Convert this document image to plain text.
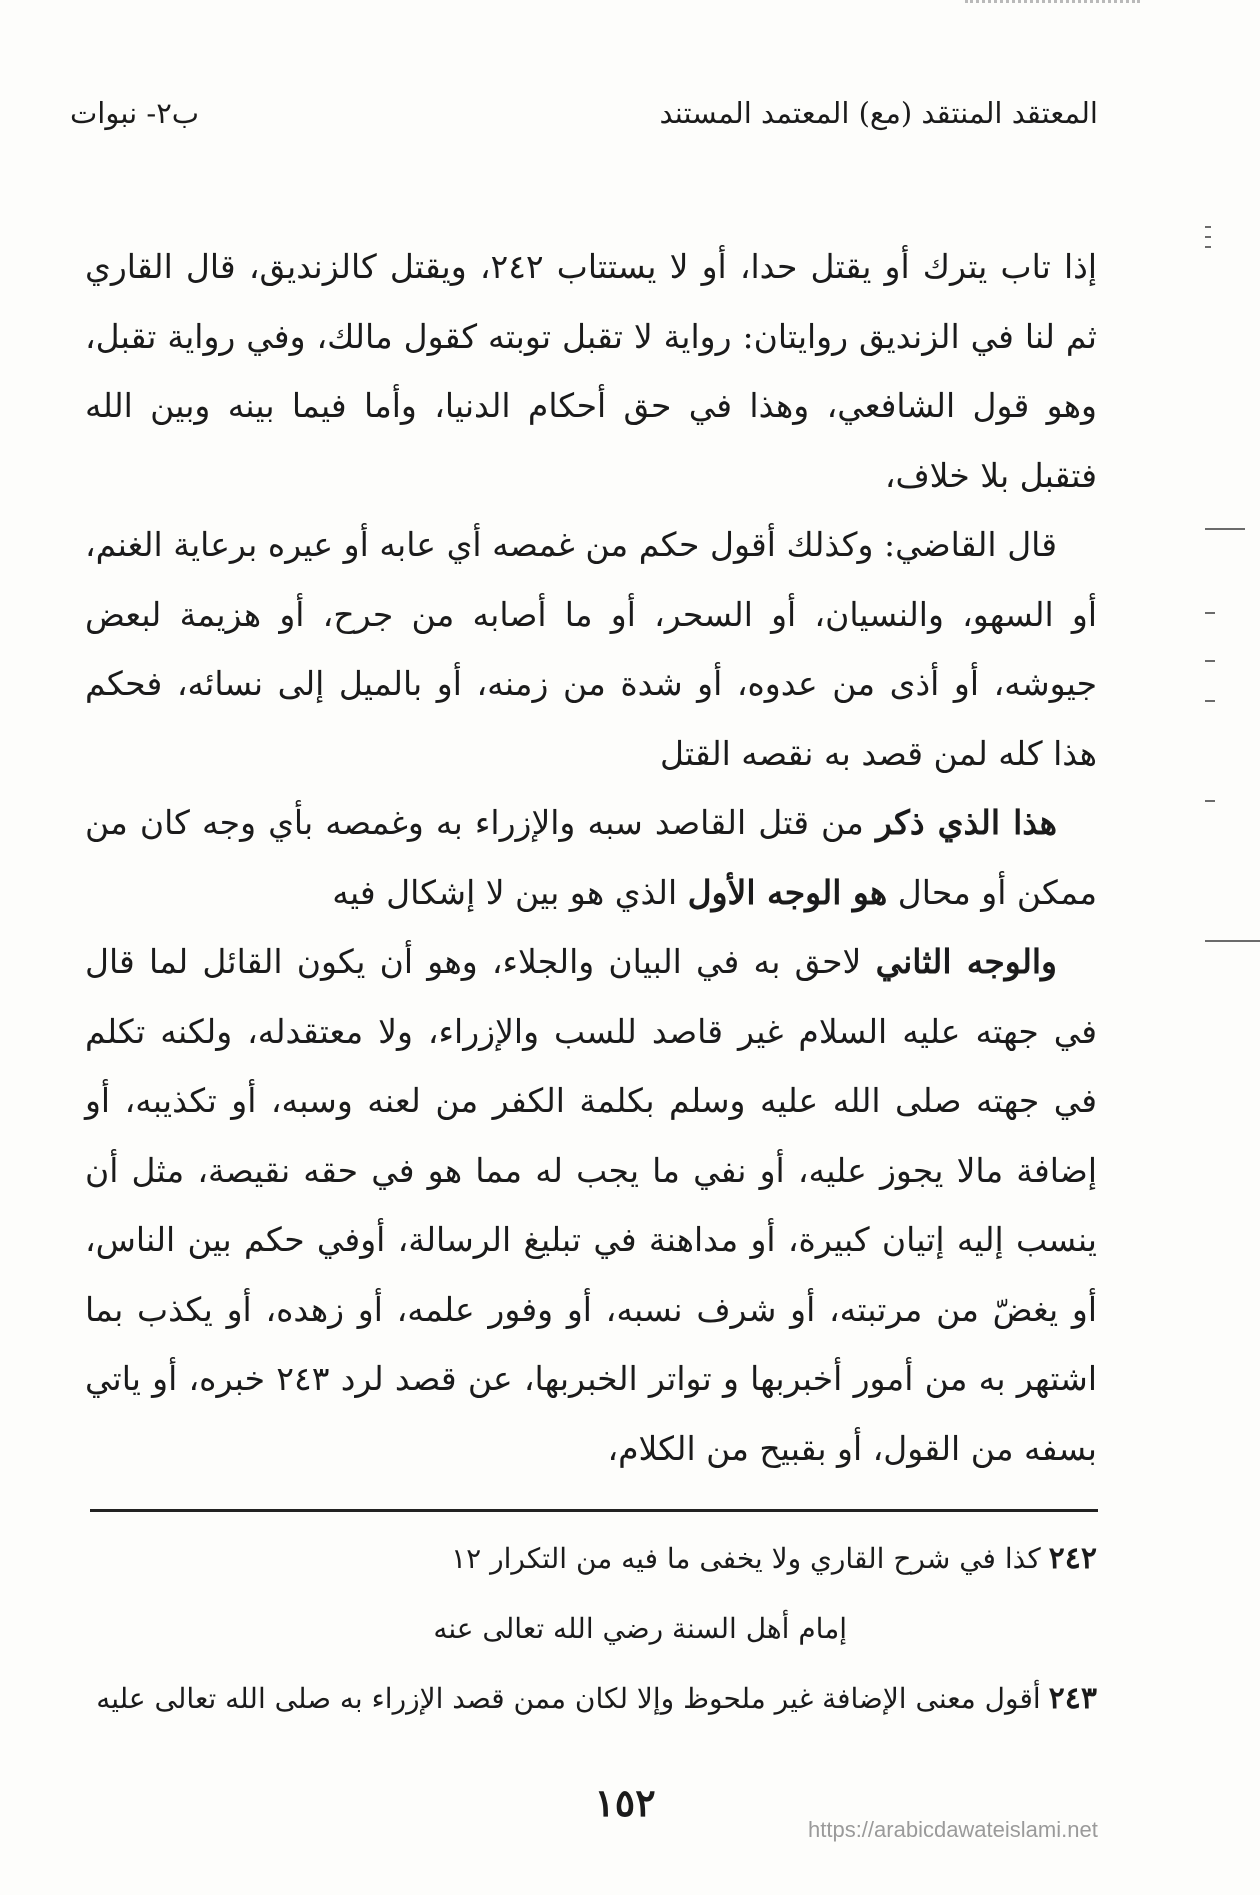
المعتقد المنتقد (مع) المعتمد المستند
ب٢- نبوات

إذا تاب يترك أو يقتل حدا، أو لا يستتاب ٢٤٢، ويقتل كالزنديق، قال القاري ثم لنا في الزنديق روايتان: رواية لا تقبل توبته كقول مالك، وفي رواية تقبل، وهو قول الشافعي، وهذا في حق أحكام الدنيا، وأما فيما بينه وبين الله فتقبل بلا خلاف،

قال القاضي: وكذلك أقول حكم من غمصه أي عابه أو عيره برعاية الغنم، أو السهو، والنسيان، أو السحر، أو ما أصابه من جرح، أو هزيمة لبعض جيوشه، أو أذى من عدوه، أو شدة من زمنه، أو بالميل إلى نسائه، فحكم هذا كله لمن قصد به نقصه القتل

هذا الذي ذكر من قتل القاصد سبه والإزراء به وغمصه بأي وجه كان من ممكن أو محال هو الوجه الأول الذي هو بين لا إشكال فيه

والوجه الثاني لاحق به في البيان والجلاء، وهو أن يكون القائل لما قال في جهته عليه السلام غير قاصد للسب والإزراء، ولا معتقدله، ولكنه تكلم في جهته صلى الله عليه وسلم بكلمة الكفر من لعنه وسبه، أو تكذيبه، أو إضافة مالا يجوز عليه، أو نفي ما يجب له مما هو في حقه نقيصة، مثل أن ينسب إليه إتيان كبيرة، أو مداهنة في تبليغ الرسالة، أوفي حكم بين الناس، أو يغضّ من مرتبته، أو شرف نسبه، أو وفور علمه، أو زهده، أو يكذب بما اشتهر به من أمور أخبربها و تواتر الخبربها، عن قصد لرد ٢٤٣ خبره، أو ياتي بسفه من القول، أو بقبيح من الكلام،

٢٤٢كذا في شرح القاري ولا يخفى ما فيه من التكرار ١٢

إمام أهل السنة رضي الله تعالى عنه

٢٤٣أقول معنى الإضافة غير ملحوظ وإلا لكان ممن قصد الإزراء به صلى الله تعالى عليه

١٥٢
https://arabicdawateislami.net
